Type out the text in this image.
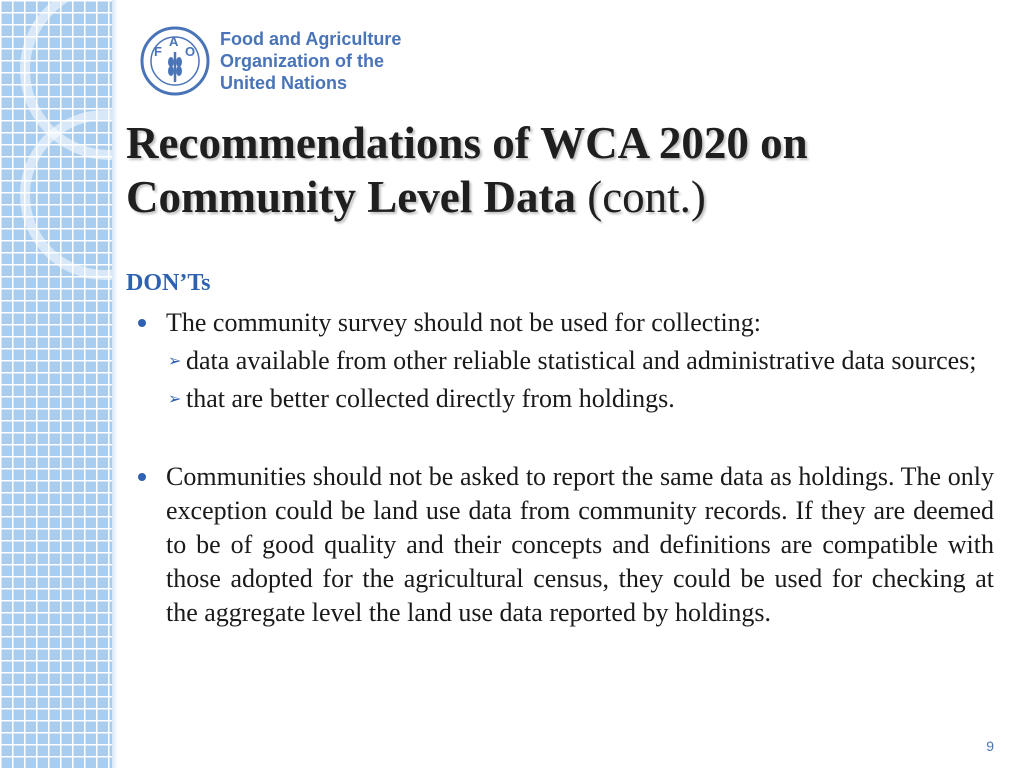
F
A
O
Food and Agriculture
Organization of the
United Nations
Recommendations of WCA 2020 on Community Level Data (cont.)

DON’Ts

The community survey should not be used for collecting:

➢ data available from other reliable statistical and administrative data sources;

➢ that are better collected directly from holdings.

Communities should not be asked to report the same data as holdings. The only exception could be land use data from community records. If they are deemed to be of good quality and their concepts and definitions are compatible with those adopted for the agricultural census, they could be used for checking at the aggregate level the land use data reported by holdings.

9
